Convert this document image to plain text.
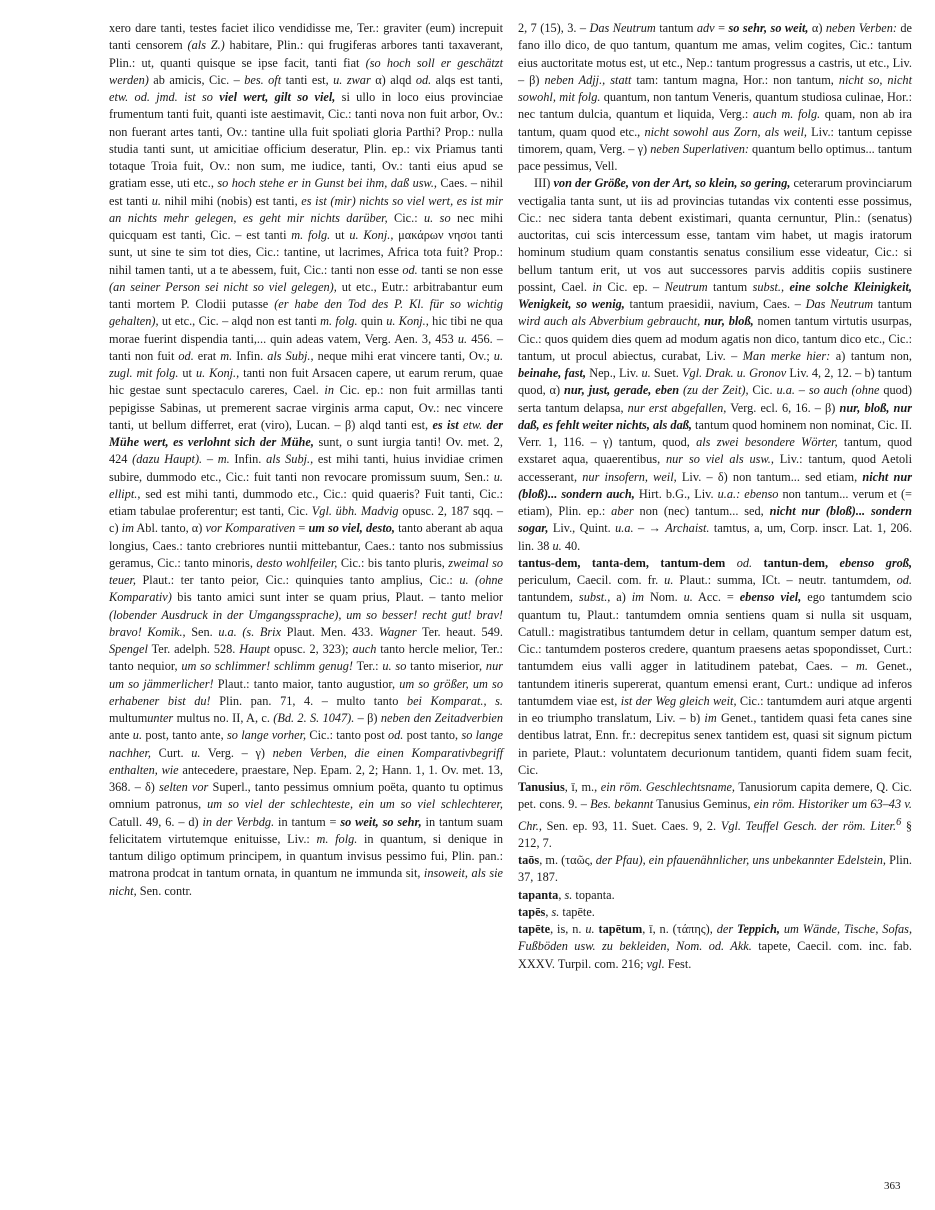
xero dare tanti, testes faciet ilico vendidisse me, Ter.: graviter (eum) increpuit tanti censorem (als Z.) habitare, Plin.: qui frugiferas arbores tanti taxaverant, Plin.: ut, quanti quisque se ipse facit, tanti fiat (so hoch soll er geschätzt werden) ab amicis, Cic. – bes. oft tanti est, u. zwar α) alqd od. alqs est tanti, etw. od. jmd. ist so viel wert, gilt so viel, si ullo in loco eius provinciae frumentum tanti fuit, quanti iste aestimavit, Cic.: tanti nova non fuit arbor, Ov.: non fuerant artes tanti, Ov.: tantine ulla fuit spoliati gloria Parthi? Prop.: nulla studia tanti sunt, ut amicitiae officium deseratur, Plin. ep.: vix Priamus tanti totaque Troia fuit, Ov.: non sum, me iudice, tanti, Ov.: tanti eius apud se gratiam esse, uti etc., so hoch stehe er in Gunst bei ihm, daß usw., Caes. – nihil est tanti u. nihil mihi (nobis) est tanti, es ist (mir) nichts so viel wert, es ist mir an nichts mehr gelegen, es geht mir nichts darüber, Cic.: u. so nec mihi quicquam est tanti, Cic. – est tanti m. folg. ut u. Konj., μακάρων νησοι tanti sunt, ut sine te sim tot dies, Cic.: tantine, ut lacrimes, Africa tota fuit? Prop.: nihil tamen tanti, ut a te abessem, fuit, Cic.: tanti non esse od. tanti se non esse (an seiner Person sei nicht so viel gelegen), ut etc., Eutr.: arbitrabantur eum tanti mortem P. Clodii putasse (er habe den Tod des P. Kl. für so wichtig gehalten), ut etc., Cic. – alqd non est tanti m. folg. quin u. Konj., hic tibi ne qua morae fuerint dispendia tanti,... quin adeas vatem, Verg. Aen. 3, 453 u. 456. – tanti non fuit od. erat m. Infin. als Subj., neque mihi erat vincere tanti, Ov.; u. zugl. mit folg. ut u. Konj., tanti non fuit Arsacen capere, ut earum rerum, quae hic gestae sunt spectaculo careres, Cael. in Cic. ep.: non fuit armillas tanti pepigisse Sabinas, ut premerent sacrae virginis arma caput, Ov.: nec vincere tanti, ut bellum differret, erat (viro), Lucan. – β) alqd tanti est, es ist etw. der Mühe wert, es verlohnt sich der Mühe, sunt, o sunt iurgia tanti! Ov. met. 2, 424 (dazu Haupt). – m. Infin. als Subj., est mihi tanti, huius invidiae crimen subire, dummodo etc., Cic.: fuit tanti non revocare promissum suum, Sen.: u. ellipt., sed est mihi tanti, dummodo etc., Cic.: quid quaeris? Fuit tanti, Cic.: etiam tabulae proferentur; est tanti, Cic. Vgl. übh. Madvig opusc. 2, 187 sqq. – c) im Abl. tanto, α) vor Komparativen = um so viel, desto, tanto aberant ab aqua longius, Caes.: tanto crebriores nuntii mittebantur, Caes.: tanto nos submissius geramus, Cic.: tanto minoris, desto wohlfeiler, Cic.: bis tanto pluris, zweimal so teuer, Plaut.: ter tanto peior, Cic.: quinquies tanto amplius, Cic.: u. (ohne Komparativ) bis tanto amici sunt inter se quam prius, Plaut. – tanto melior (lobender Ausdruck in der Umgangssprache), um so besser! recht gut! brav! bravo! Komik., Sen. u.a. (s. Brix Plaut. Men. 433. Wagner Ter. heaut. 549. Spengel Ter. adelph. 528. Haupt opusc. 2, 323); auch tanto hercle melior, Ter.: tanto nequior, um so schlimmer! schlimm genug! Ter.: u. so tanto miserior, nur um so jämmerlicher! Plaut.: tanto maior, tanto augustior, um so größer, um so erhabener bist du! Plin. pan. 71, 4. – multo tanto bei Komparat., s. multumunter multus no. II, A, c. (Bd. 2. S. 1047). – β) neben den Zeitadverbien ante u. post, tanto ante, so lange vorher, Cic.: tanto post od. post tanto, so lange nachher, Curt. u. Verg. – γ) neben Verben, die einen Komparativbegriff enthalten, wie antecedere, praestare, Nep. Epam. 2, 2; Hann. 1, 1. Ov. met. 13, 368. – δ) selten vor Superl., tanto pessimus omnium poëta, quanto tu optimus omnium patronus, um so viel der schlechteste, ein um so viel schlechterer, Catull. 49, 6. – d) in der Verbdg. in tantum = so weit, so sehr, in tantum suam felicitatem virtutemque enituisse, Liv.: m. folg. in quantum, si denique in tantum diligo optimum principem, in quantum invisus pessimo fui, Plin. pan.: matrona prodcat in tantum ornata, in quantum ne immunda sit, insoweit, als sie nicht, Sen. contr.

2, 7 (15), 3. – Das Neutrum tantum adv = so sehr, so weit, α) neben Verben: de fano illo dico, de quo tantum, quantum me amas, velim cogites, Cic.: tantum eius auctoritate motus est, ut etc., Nep.: tantum progressus a castris, ut etc., Liv. – β) neben Adjj., statt tam: tantum magna, Hor.: non tantum, nicht so, nicht sowohl, mit folg. quantum, non tantum Veneris, quantum studiosa culinae, Hor.: nec tantum dulcia, quantum et liquida, Verg.: auch m. folg. quam, non ab ira tantum, quam quod etc., nicht sowohl aus Zorn, als weil, Liv.: tantum cepisse timorem, quam, Verg. – γ) neben Superlativen: quantum bello optimus... tantum pace pessimus, Vell.

III) von der Größe, von der Art, so klein, so gering, ceterarum provinciarum vectigalia tanta sunt, ut iis ad provincias tutandas vix contenti esse possimus, Cic.: nec sidera tanta debent existimari, quanta cernuntur, Plin.: (senatus) auctoritas, cui scis intercessum esse, tantam vim habet, ut magis iratorum hominum studium quam constantis senatus consilium esse videatur, Cic.: si bellum tantum erit, ut vos aut successores parvis additis copiis sustinere possint, Cael. in Cic. ep. – Neutrum tantum subst., eine solche Kleinigkeit, Wenigkeit, so wenig, tantum praesidii, navium, Caes. – Das Neutrum tantum wird auch als Abverbium gebraucht, nur, bloß, nomen tantum virtutis usurpas, Cic.: quos quidem dies quem ad modum agatis non dico, tantum dico etc., Cic.: tantum, ut procul abiectus, curabat, Liv. – Man merke hier: a) tantum non, beinahe, fast, Nep., Liv. u. Suet. Vgl. Drak. u. Gronov Liv. 4, 2, 12. – b) tantum quod, α) nur, just, gerade, eben (zu der Zeit), Cic. u.a. – so auch (ohne quod) serta tantum delapsa, nur erst abgefallen, Verg. ecl. 6, 16. – β) nur, bloß, nur daß, es fehlt weiter nichts, als daß, tantum quod hominem non nominat, Cic. II. Verr. 1, 116. – γ) tantum, quod, als zwei besondere Wörter, tantum, quod exstaret aqua, quaerentibus, nur so viel als usw., Liv.: tantum, quod Aetoli accesserant, nur insofern, weil, Liv. – δ) non tantum... sed etiam, nicht nur (bloß)... sondern auch, Hirt. b.G., Liv. u.a.: ebenso non tantum... verum et (= etiam), Plin. ep.: aber non (nec) tantum... sed, nicht nur (bloß)... sondern sogar, Liv., Quint. u.a. – → Archaist. tamtus, a, um, Corp. inscr. Lat. 1, 206. lin. 38 u. 40.

tantus-dem, tanta-dem, tantum-dem od. tantun-dem, ebenso groß, periculum, Caecil. com. fr. u. Plaut.: summa, ICt. – neutr. tantumdem, od. tantundem, subst., a) im Nom. u. Acc. = ebenso viel, ego tantumdem scio quantum tu, Plaut.: tantumdem omnia sentiens quam si nulla sit usquam, Catull.: magistratibus tantumdem detur in cellam, quantum semper datum est, Cic.: tantumdem posteros credere, quantum praesens aetas spopondisset, Curt.: tantumdem eius valli agger in latitudinem patebat, Caes. – m. Genet., tantundem itineris supererat, quantum emensi erant, Curt.: undique ad inferos tantumdem viae est, ist der Weg gleich weit, Cic.: tantumdem auri atque argenti in eo triumpho translatum, Liv. – b) im Genet., tantidem quasi feta canes sine dentibus latrat, Enn. fr.: decrepitus senex tantidem est, quasi sit signum pictum in pariete, Plaut.: voluntatem decurionum tantidem, quanti fidem suam fecit, Cic.

Tanusius, ī, m., ein röm. Geschlechtsname, Tanusiorum capita demere, Q. Cic. pet. cons. 9. – Bes. bekannt Tanusius Geminus, ein röm. Historiker um 63–43 v. Chr., Sen. ep. 93, 11. Suet. Caes. 9, 2. Vgl. Teuffel Gesch. der röm. Liter.$^6$ § 212, 7.

taōs, m. (ταῶς, der Pfau), ein pfauenähnlicher, uns unbekannter Edelstein, Plin. 37, 187.

tapanta, s. topanta.

tapēs, s. tapēte.

tapēte, is, n. u. tapētum, ī, n. (τάπης), der Teppich, um Wände, Tische, Sofas, Fußböden usw. zu bekleiden, Nom. od. Akk. tapete, Caecil. com. inc. fab. XXXV. Turpil. com. 216; vgl. Fest.

363
